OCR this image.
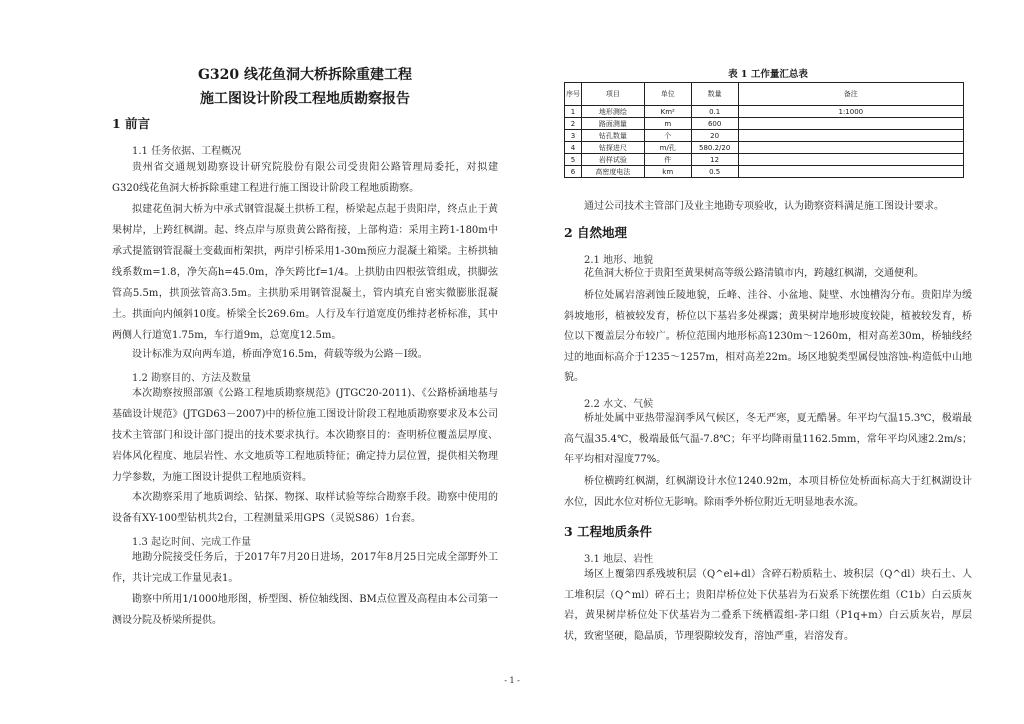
G320 线花鱼洞大桥拆除重建工程
施工图设计阶段工程地质勘察报告
1 前言
1.1 任务依据、工程概况

贵州省交通规划勘察设计研究院股份有限公司受贵阳公路管理局委托，对拟建G320线花鱼洞大桥拆除重建工程进行施工图设计阶段工程地质勘察。

拟建花鱼洞大桥为中承式钢管混凝土拱桥工程，桥梁起点起于贵阳岸，终点止于黄果树岸，上跨红枫湖。起、终点岸与原贵黄公路衔接，上部构造：采用主跨1-180m中承式提篮钢管混凝土变截面桁架拱，两岸引桥采用1-30m预应力混凝土箱梁。主桥拱轴线系数m=1.8，净矢高h=45.0m，净矢跨比f=1/4。上拱肋由四根弦管组成，拱脚弦管高5.5m，拱顶弦管高3.5m。主拱肋采用钢管混凝土，管内填充自密实微膨胀混凝土。拱面向内倾斜10度。桥梁全长269.6m。人行及车行道宽度仍维持老桥标准，其中两侧人行道宽1.75m，车行道9m，总宽度12.5m。

设计标准为双向两车道，桥面净宽16.5m，荷载等级为公路－Ⅰ级。

1.2 勘察目的、方法及数量

本次勘察按照部颁《公路工程地质勘察规范》(JTGC20-2011)、《公路桥涵地基与基础设计规范》(JTGD63－2007)中的桥位施工图设计阶段工程地质勘察要求及本公司技术主管部门和设计部门提出的技术要求执行。本次勘察目的：查明桥位覆盖层厚度、岩体风化程度、地层岩性、水文地质等工程地质特征；确定持力层位置，提供相关物理力学参数，为施工图设计提供工程地质资料。

本次勘察采用了地质调绘、钻探、物探、取样试验等综合勘察手段。勘察中使用的设备有XY-100型钻机共2台，工程测量采用GPS（灵锐S86）1台套。

1.3 起讫时间、完成工作量

地勘分院接受任务后，于2017年7月20日进场，2017年8月25日完成全部野外工作，共计完成工作量见表1。

勘察中所用1/1000地形图，桥型图、桥位轴线图、BM点位置及高程由本公司第一测设分院及桥梁所提供。

表 1 工作量汇总表
序号	项目	单位	数量	备注
1	地形测绘	Km²	0.1	1:1000
2	路面测量	m	600	
3	钻孔数量	个	20	
4	钻探进尺	m/孔	580.2/20	
5	岩样试验	件	12	
6	高密度电法	km	0.5	

通过公司技术主管部门及业主地勘专项验收，认为勘察资料满足施工图设计要求。

2 自然地理
2.1 地形、地貌

花鱼洞大桥位于贵阳至黄果树高等级公路清镇市内，跨越红枫湖，交通便利。

桥位处属岩溶剥蚀丘陵地貌，丘峰、洼谷、小盆地、陡壁、水蚀槽沟分布。贵阳岸为缓斜坡地形，植被较发育，桥位以下基岩多处裸露；黄果树岸地形坡度较陡，植被较发育，桥位以下覆盖层分布较广。桥位范围内地形标高1230m～1260m，相对高差30m，桥轴线经过的地面标高介于1235～1257m，相对高差22m。场区地貌类型属侵蚀溶蚀-构造低中山地貌。

2.2 水文、气候

桥址处属中亚热带湿润季风气候区，冬无严寒，夏无酷暑。年平均气温15.3℃，极端最高气温35.4℃，极端最低气温-7.8℃；年平均降雨量1162.5mm，常年平均风速2.2m/s；年平均相对湿度77%。

桥位横跨红枫湖，红枫湖设计水位1240.92m，本项目桥位处桥面标高大于红枫湖设计水位，因此水位对桥位无影响。除雨季外桥位附近无明显地表水流。

3 工程地质条件
3.1 地层、岩性

场区上覆第四系残坡积层（Q^el+dl）含碎石粉质粘土、坡积层（Q^dl）块石土、人工堆积层（Q^ml）碎石土；贵阳岸桥位处下伏基岩为石炭系下统摆佐组（C1b）白云质灰岩，黄果树岸桥位处下伏基岩为二叠系下统栖霞组-茅口组（P1q+m）白云质灰岩，厚层状，致密坚硬，隐晶质，节理裂隙较发育，溶蚀严重，岩溶发育。

- 1 -
